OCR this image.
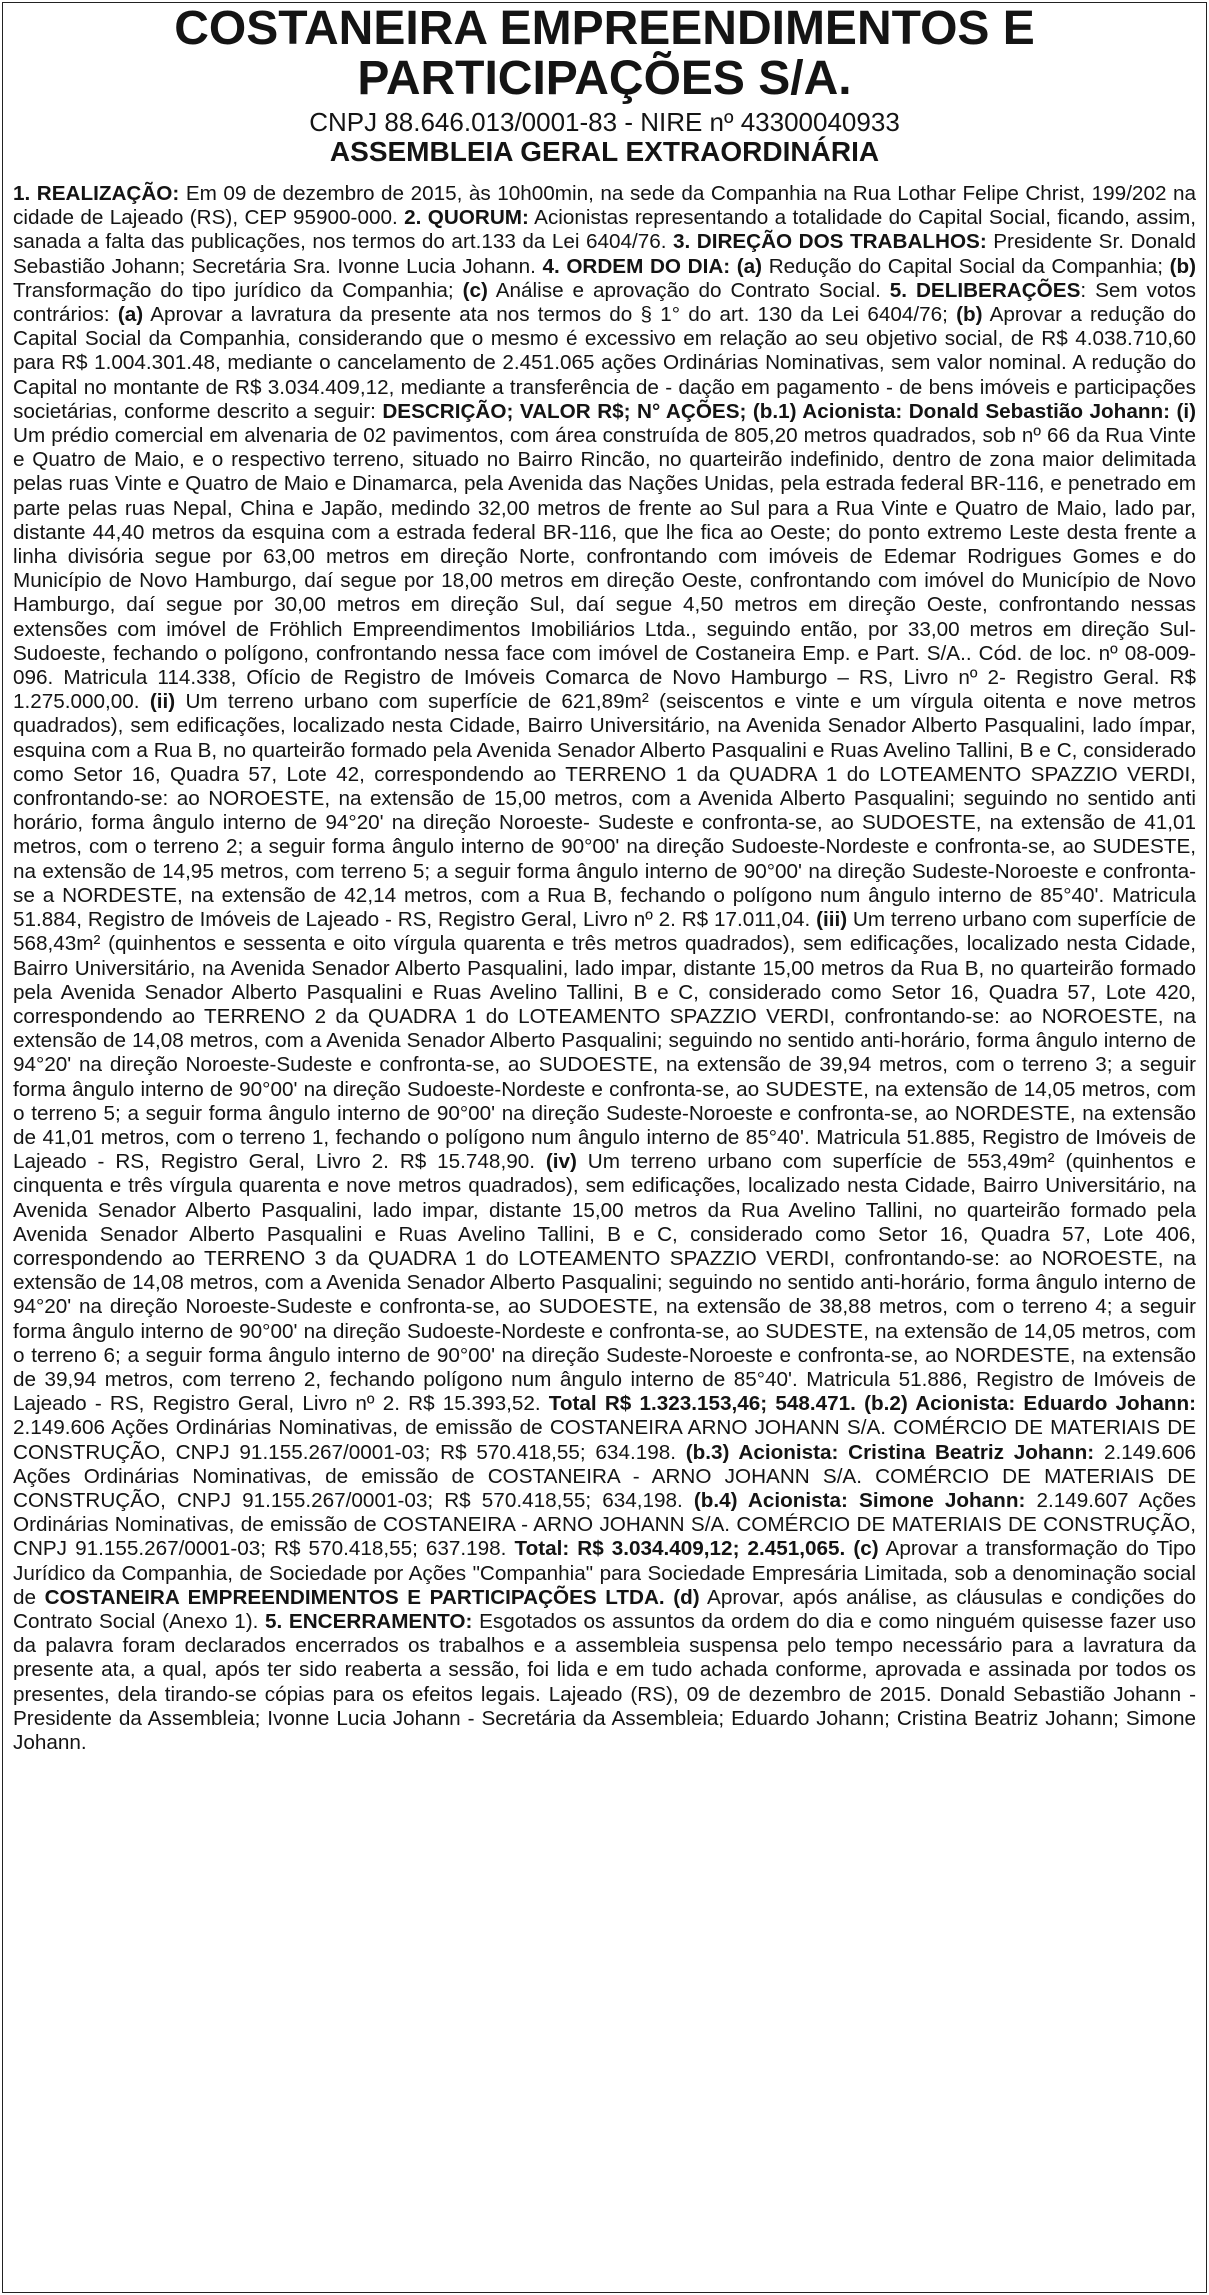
COSTANEIRA EMPREENDIMENTOS E PARTICIPAÇÕES S/A.
CNPJ 88.646.013/0001-83 - NIRE nº 43300040933
ASSEMBLEIA GERAL EXTRAORDINÁRIA

1. REALIZAÇÃO: Em 09 de dezembro de 2015, às 10h00min, na sede da Companhia na Rua Lothar Felipe Christ, 199/202 na cidade de Lajeado (RS), CEP 95900-000. 2. QUORUM: Acionistas representando a totalidade do Capital Social, ficando, assim, sanada a falta das publicações, nos termos do art.133 da Lei 6404/76. 3. DIREÇÃO DOS TRABALHOS: Presidente Sr. Donald Sebastião Johann; Secretária Sra. Ivonne Lucia Johann. 4. ORDEM DO DIA: (a) Redução do Capital Social da Companhia; (b) Transformação do tipo jurídico da Companhia; (c) Análise e aprovação do Contrato Social. 5. DELIBERAÇÕES: Sem votos contrários: (a) Aprovar a lavratura da presente ata nos termos do § 1° do art. 130 da Lei 6404/76; (b) Aprovar a redução do Capital Social da Companhia, considerando que o mesmo é excessivo em relação ao seu objetivo social, de R$ 4.038.710,60 para R$ 1.004.301.48, mediante o cancelamento de 2.451.065 ações Ordinárias Nominativas, sem valor nominal. A redução do Capital no montante de R$ 3.034.409,12, mediante a transferência de - dação em pagamento - de bens imóveis e participações societárias, conforme descrito a seguir: DESCRIÇÃO; VALOR R$; N° AÇÕES; (b.1) Acionista: Donald Sebastião Johann: (i) Um prédio comercial em alvenaria de 02 pavimentos, com área construída de 805,20 metros quadrados, sob nº 66 da Rua Vinte e Quatro de Maio, e o respectivo terreno, situado no Bairro Rincão, no quarteirão indefinido, dentro de zona maior delimitada pelas ruas Vinte e Quatro de Maio e Dinamarca, pela Avenida das Nações Unidas, pela estrada federal BR-116, e penetrado em parte pelas ruas Nepal, China e Japão, medindo 32,00 metros de frente ao Sul para a Rua Vinte e Quatro de Maio, lado par, distante 44,40 metros da esquina com a estrada federal BR-116, que lhe fica ao Oeste; do ponto extremo Leste desta frente a linha divisória segue por 63,00 metros em direção Norte, confrontando com imóveis de Edemar Rodrigues Gomes e do Município de Novo Hamburgo, daí segue por 18,00 metros em direção Oeste, confrontando com imóvel do Município de Novo Hamburgo, daí segue por 30,00 metros em direção Sul, daí segue 4,50 metros em direção Oeste, confrontando nessas extensões com imóvel de Fröhlich Empreendimentos Imobiliários Ltda., seguindo então, por 33,00 metros em direção Sul-Sudoeste, fechando o polígono, confrontando nessa face com imóvel de Costaneira Emp. e Part. S/A.. Cód. de loc. nº 08-009-096. Matricula 114.338, Ofício de Registro de Imóveis Comarca de Novo Hamburgo – RS, Livro nº 2- Registro Geral. R$ 1.275.000,00. (ii) Um terreno urbano com superfície de 621,89m² (seiscentos e vinte e um vírgula oitenta e nove metros quadrados), sem edificações, localizado nesta Cidade, Bairro Universitário, na Avenida Senador Alberto Pasqualini, lado ímpar, esquina com a Rua B, no quarteirão formado pela Avenida Senador Alberto Pasqualini e Ruas Avelino Tallini, B e C, considerado como Setor 16, Quadra 57, Lote 42, correspondendo ao TERRENO 1 da QUADRA 1 do LOTEAMENTO SPAZZIO VERDI, confrontando-se: ao NOROESTE, na extensão de 15,00 metros, com a Avenida Alberto Pasqualini; seguindo no sentido anti horário, forma ângulo interno de 94°20' na direção Noroeste- Sudeste e confronta-se, ao SUDOESTE, na extensão de 41,01 metros, com o terreno 2; a seguir forma ângulo interno de 90°00' na direção Sudoeste-Nordeste e confronta-se, ao SUDESTE, na extensão de 14,95 metros, com terreno 5; a seguir forma ângulo interno de 90°00' na direção Sudeste-Noroeste e confronta-se a NORDESTE, na extensão de 42,14 metros, com a Rua B, fechando o polígono num ângulo interno de 85°40'. Matricula 51.884, Registro de Imóveis de Lajeado - RS, Registro Geral, Livro nº 2. R$ 17.011,04. (iii) Um terreno urbano com superfície de 568,43m² (quinhentos e sessenta e oito vírgula quarenta e três metros quadrados), sem edificações, localizado nesta Cidade, Bairro Universitário, na Avenida Senador Alberto Pasqualini, lado impar, distante 15,00 metros da Rua B, no quarteirão formado pela Avenida Senador Alberto Pasqualini e Ruas Avelino Tallini, B e C, considerado como Setor 16, Quadra 57, Lote 420, correspondendo ao TERRENO 2 da QUADRA 1 do LOTEAMENTO SPAZZIO VERDI, confrontando-se: ao NOROESTE, na extensão de 14,08 metros, com a Avenida Senador Alberto Pasqualini; seguindo no sentido anti-horário, forma ângulo interno de 94°20' na direção Noroeste-Sudeste e confronta-se, ao SUDOESTE, na extensão de 39,94 metros, com o terreno 3; a seguir forma ângulo interno de 90°00' na direção Sudoeste-Nordeste e confronta-se, ao SUDESTE, na extensão de 14,05 metros, com o terreno 5; a seguir forma ângulo interno de 90°00' na direção Sudeste-Noroeste e confronta-se, ao NORDESTE, na extensão de 41,01 metros, com o terreno 1, fechando o polígono num ângulo interno de 85°40'. Matricula 51.885, Registro de Imóveis de Lajeado - RS, Registro Geral, Livro 2. R$ 15.748,90. (iv) Um terreno urbano com superfície de 553,49m² (quinhentos e cinquenta e três vírgula quarenta e nove metros quadrados), sem edificações, localizado nesta Cidade, Bairro Universitário, na Avenida Senador Alberto Pasqualini, lado impar, distante 15,00 metros da Rua Avelino Tallini, no quarteirão formado pela Avenida Senador Alberto Pasqualini e Ruas Avelino Tallini, B e C, considerado como Setor 16, Quadra 57, Lote 406, correspondendo ao TERRENO 3 da QUADRA 1 do LOTEAMENTO SPAZZIO VERDI, confrontando-se: ao NOROESTE, na extensão de 14,08 metros, com a Avenida Senador Alberto Pasqualini; seguindo no sentido anti-horário, forma ângulo interno de 94°20' na direção Noroeste-Sudeste e confronta-se, ao SUDOESTE, na extensão de 38,88 metros, com o terreno 4; a seguir forma ângulo interno de 90°00' na direção Sudoeste-Nordeste e confronta-se, ao SUDESTE, na extensão de 14,05 metros, com o terreno 6; a seguir forma ângulo interno de 90°00' na direção Sudeste-Noroeste e confronta-se, ao NORDESTE, na extensão de 39,94 metros, com terreno 2, fechando polígono num ângulo interno de 85°40'. Matricula 51.886, Registro de Imóveis de Lajeado - RS, Registro Geral, Livro nº 2. R$ 15.393,52. Total R$ 1.323.153,46; 548.471. (b.2) Acionista: Eduardo Johann: 2.149.606 Ações Ordinárias Nominativas, de emissão de COSTANEIRA ARNO JOHANN S/A. COMÉRCIO DE MATERIAIS DE CONSTRUÇÃO, CNPJ 91.155.267/0001-03; R$ 570.418,55; 634.198. (b.3) Acionista: Cristina Beatriz Johann: 2.149.606 Ações Ordinárias Nominativas, de emissão de COSTANEIRA - ARNO JOHANN S/A. COMÉRCIO DE MATERIAIS DE CONSTRUÇÃO, CNPJ 91.155.267/0001-03; R$ 570.418,55; 634,198. (b.4) Acionista: Simone Johann: 2.149.607 Ações Ordinárias Nominativas, de emissão de COSTANEIRA - ARNO JOHANN S/A. COMÉRCIO DE MATERIAIS DE CONSTRUÇÃO, CNPJ 91.155.267/0001-03; R$ 570.418,55; 637.198. Total: R$ 3.034.409,12; 2.451,065. (c) Aprovar a transformação do Tipo Jurídico da Companhia, de Sociedade por Ações "Companhia" para Sociedade Empresária Limitada, sob a denominação social de COSTANEIRA EMPREENDIMENTOS E PARTICIPAÇÕES LTDA. (d) Aprovar, após análise, as cláusulas e condições do Contrato Social (Anexo 1). 5. ENCERRAMENTO: Esgotados os assuntos da ordem do dia e como ninguém quisesse fazer uso da palavra foram declarados encerrados os trabalhos e a assembleia suspensa pelo tempo necessário para a lavratura da presente ata, a qual, após ter sido reaberta a sessão, foi lida e em tudo achada conforme, aprovada e assinada por todos os presentes, dela tirando-se cópias para os efeitos legais. Lajeado (RS), 09 de dezembro de 2015. Donald Sebastião Johann - Presidente da Assembleia; Ivonne Lucia Johann - Secretária da Assembleia; Eduardo Johann; Cristina Beatriz Johann; Simone Johann.
